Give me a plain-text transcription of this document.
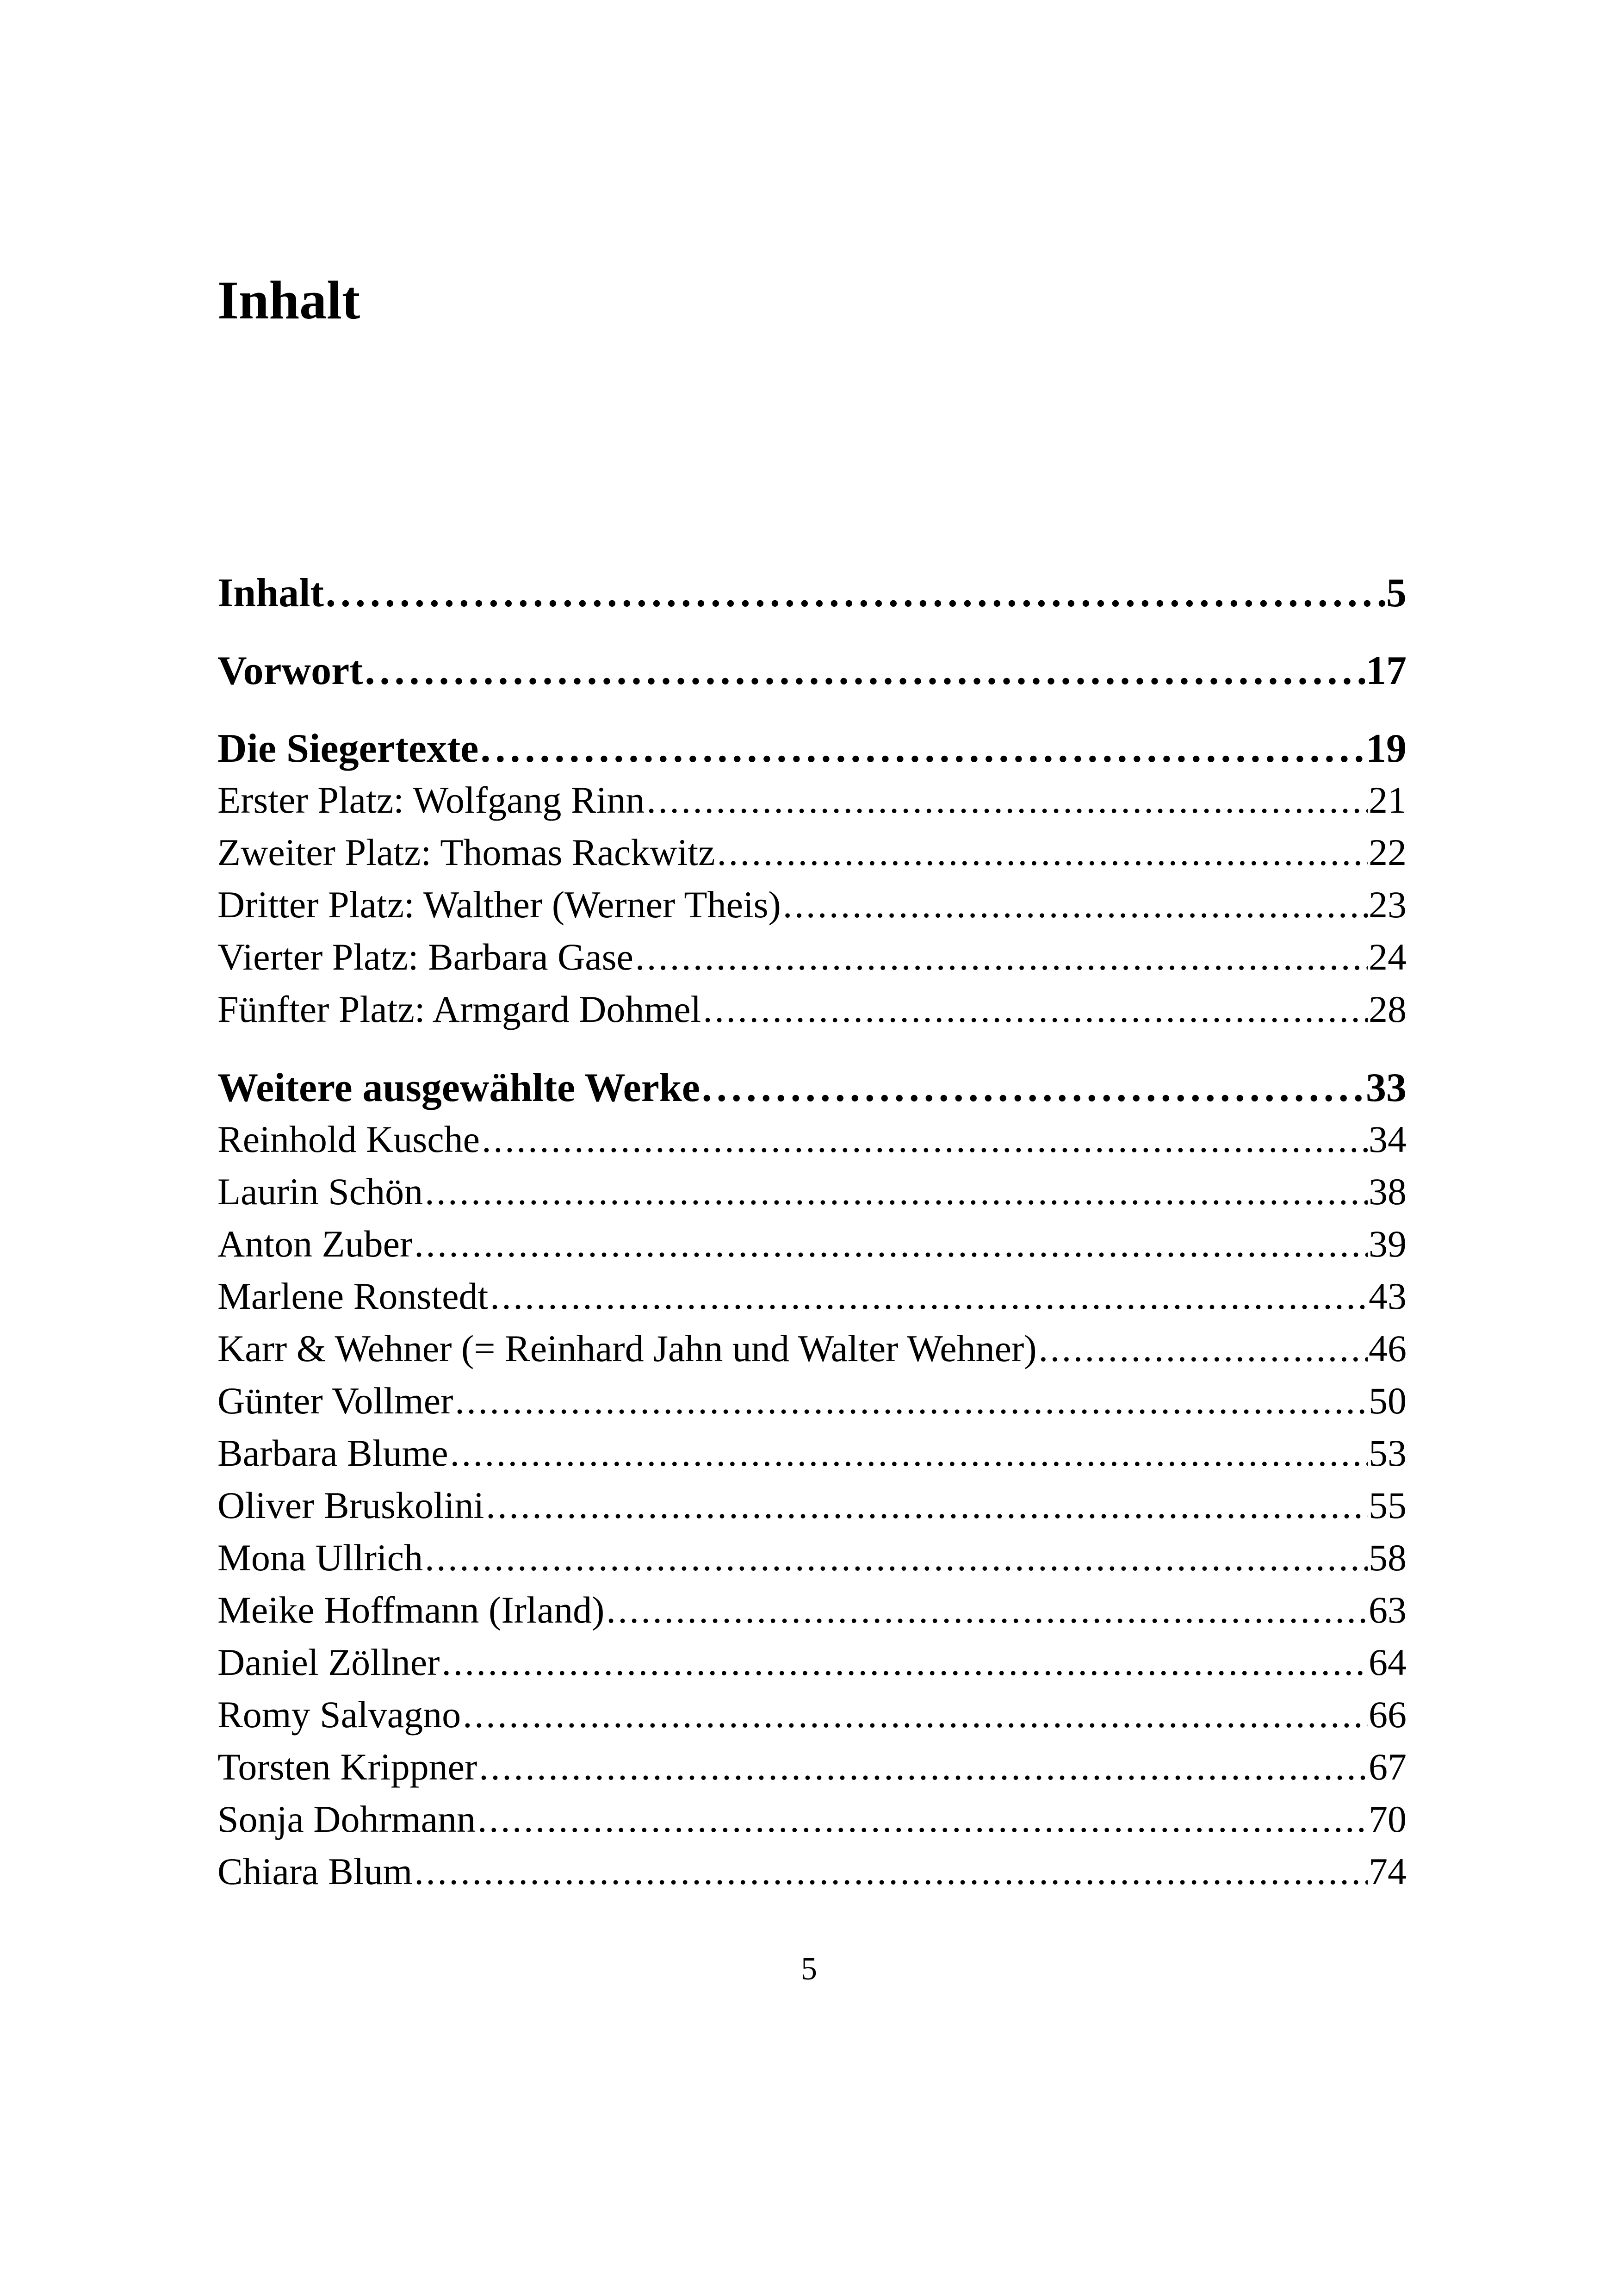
Inhalt
Inhalt . . .	5
Vorwort . . .	17
Die Siegertexte . . .	19
Erster Platz: Wolfgang Rinn . . .	21
Zweiter Platz: Thomas Rackwitz . . .	22
Dritter Platz: Walther (Werner Theis) . . .	23
Vierter Platz: Barbara Gase . . .	24
Fünfter Platz: Armgard Dohmel . . .	28
Weitere ausgewählte Werke . . .	33
Reinhold Kusche . . .	34
Laurin Schön . . .	38
Anton Zuber . . .	39
Marlene Ronstedt . . .	43
Karr & Wehner (= Reinhard Jahn und Walter Wehner) . . .	46
Günter Vollmer . . .	50
Barbara Blume . . .	53
Oliver Bruskolini . . .	55
Mona Ullrich . . .	58
Meike Hoffmann (Irland) . . .	63
Daniel Zöllner . . .	64
Romy Salvagno . . .	66
Torsten Krippner . . .	67
Sonja Dohrmann . . .	70
Chiara Blum . . .	74
5
